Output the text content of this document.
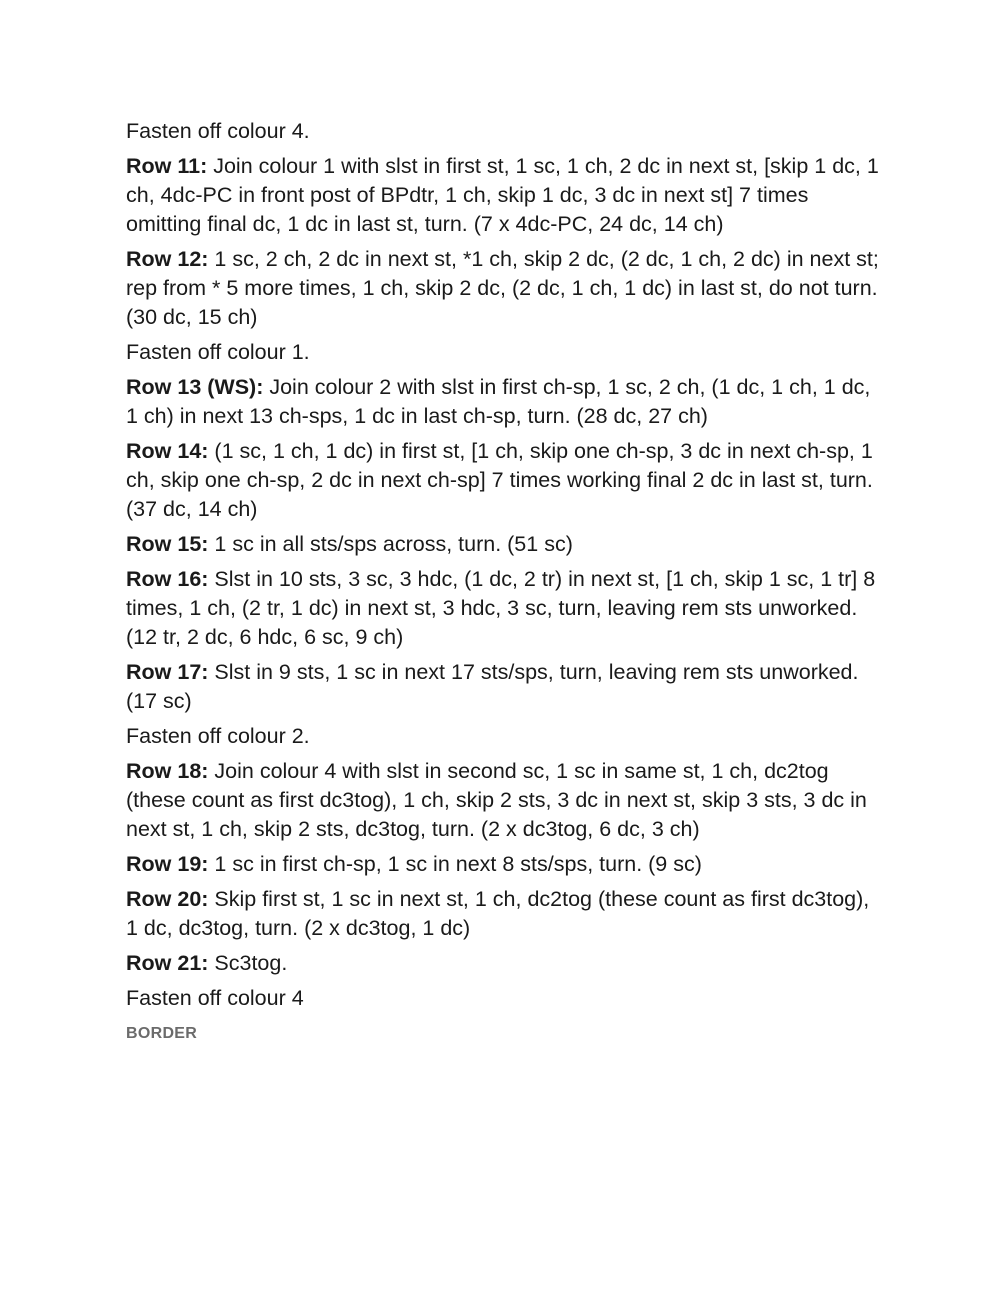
Fasten off colour 4.

Row 11: Join colour 1 with slst in first st, 1 sc, 1 ch, 2 dc in next st, [skip 1 dc, 1 ch, 4dc-PC in front post of BPdtr, 1 ch, skip 1 dc, 3 dc in next st] 7 times omitting final dc, 1 dc in last st, turn. (7 x 4dc-PC, 24 dc, 14 ch)

Row 12: 1 sc, 2 ch, 2 dc in next st, *1 ch, skip 2 dc, (2 dc, 1 ch, 2 dc) in next st; rep from * 5 more times, 1 ch, skip 2 dc, (2 dc, 1 ch, 1 dc) in last st, do not turn. (30 dc, 15 ch)

Fasten off colour 1.

Row 13 (WS): Join colour 2 with slst in first ch-sp, 1 sc, 2 ch, (1 dc, 1 ch, 1 dc, 1 ch) in next 13 ch-sps, 1 dc in last ch-sp, turn. (28 dc, 27 ch)

Row 14: (1 sc, 1 ch, 1 dc) in first st, [1 ch, skip one ch-sp, 3 dc in next ch-sp, 1 ch, skip one ch-sp, 2 dc in next ch-sp] 7 times working final 2 dc in last st, turn. (37 dc, 14 ch)

Row 15: 1 sc in all sts/sps across, turn. (51 sc)

Row 16: Slst in 10 sts, 3 sc, 3 hdc, (1 dc, 2 tr) in next st, [1 ch, skip 1 sc, 1 tr] 8 times, 1 ch, (2 tr, 1 dc) in next st, 3 hdc, 3 sc, turn, leaving rem sts unworked. (12 tr, 2 dc, 6 hdc, 6 sc, 9 ch)

Row 17: Slst in 9 sts, 1 sc in next 17 sts/sps, turn, leaving rem sts unworked. (17 sc)

Fasten off colour 2.

Row 18: Join colour 4 with slst in second sc, 1 sc in same st, 1 ch, dc2tog (these count as first dc3tog), 1 ch, skip 2 sts, 3 dc in next st, skip 3 sts, 3 dc in next st, 1 ch, skip 2 sts, dc3tog, turn. (2 x dc3tog, 6 dc, 3 ch)

Row 19: 1 sc in first ch-sp, 1 sc in next 8 sts/sps, turn. (9 sc)

Row 20: Skip first st, 1 sc in next st, 1 ch, dc2tog (these count as first dc3tog), 1 dc, dc3tog, turn. (2 x dc3tog, 1 dc)

Row 21: Sc3tog.

Fasten off colour 4

BORDER
